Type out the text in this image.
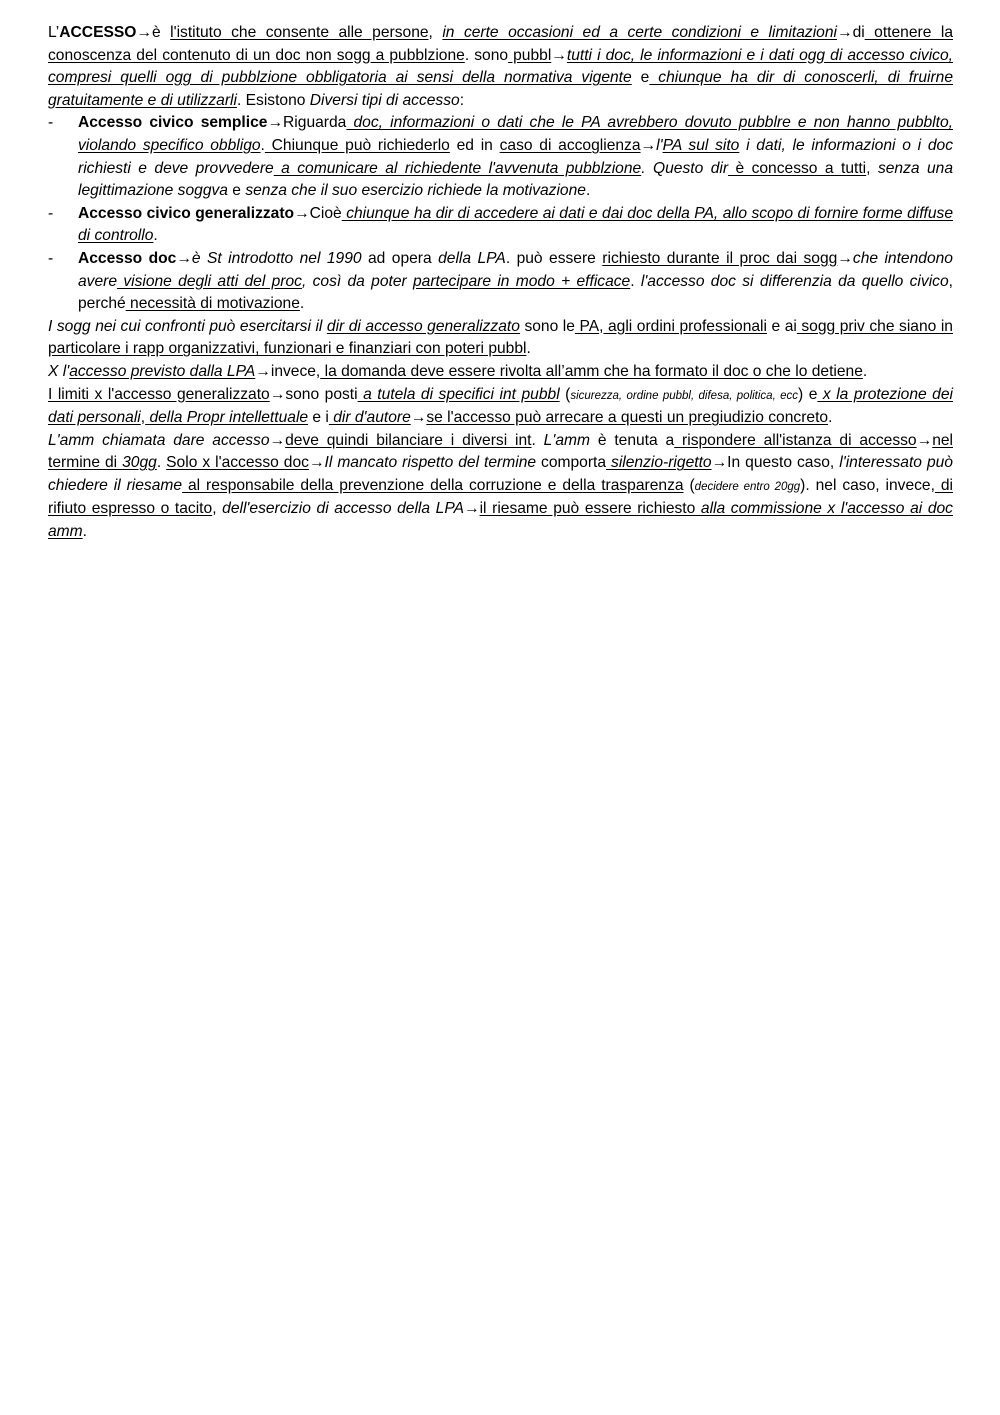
L’ACCESSO→è l'istituto che consente alle persone, in certe occasioni ed a certe condizioni e limitazioni→di ottenere la conoscenza del contenuto di un doc non sogg a pubblzione. sono pubbl→tutti i doc, le informazioni e i dati ogg di accesso civico, compresi quelli ogg di pubblzione obbligatoria ai sensi della normativa vigente e chiunque ha dir di conoscerli, di fruirne gratuitamente e di utilizzarli. Esistono Diversi tipi di accesso:

- Accesso civico semplice→Riguarda doc, informazioni o dati che le PA avrebbero dovuto pubblre e non hanno pubblto, violando specifico obbligo. Chiunque può richiederlo ed in caso di accoglienza→l'PA sul sito i dati, le informazioni o i doc richiesti e deve provvedere a comunicare al richiedente l'avvenuta pubblzione. Questo dir è concesso a tutti, senza una legittimazione soggva e senza che il suo esercizio richiede la motivazione.
- Accesso civico generalizzato→Cioè chiunque ha dir di accedere ai dati e dai doc della PA, allo scopo di fornire forme diffuse di controllo.
- Accesso doc→è St introdotto nel 1990 ad opera della LPA. può essere richiesto durante il proc dai sogg→che intendono avere visione degli atti del proc, così da poter partecipare in modo + efficace. l'accesso doc si differenzia da quello civico, perché necessità di motivazione.

I sogg nei cui confronti può esercitarsi il dir di accesso generalizzato sono le PA, agli ordini professionali e ai sogg priv che siano in particolare i rapp organizzativi, funzionari e finanziari con poteri pubbl.

X l'accesso previsto dalla LPA→invece, la domanda deve essere rivolta all’amm che ha formato il doc o che lo detiene.

I limiti x l'accesso generalizzato→sono posti a tutela di specifici int pubbl (sicurezza, ordine pubbl, difesa, politica, ecc) e x la protezione dei dati personali, della Propr intellettuale e i dir d'autore→se l'accesso può arrecare a questi un pregiudizio concreto.

L'amm chiamata dare accesso→deve quindi bilanciare i diversi int. L'amm è tenuta a rispondere all'istanza di accesso→nel termine di 30gg. Solo x l'accesso doc→Il mancato rispetto del termine comporta silenzio-rigetto→In questo caso, l'interessato può chiedere il riesame al responsabile della prevenzione della corruzione e della trasparenza (decidere entro 20gg). nel caso, invece, di rifiuto espresso o tacito, dell'esercizio di accesso della LPA→il riesame può essere richiesto alla commissione x l'accesso ai doc amm.
